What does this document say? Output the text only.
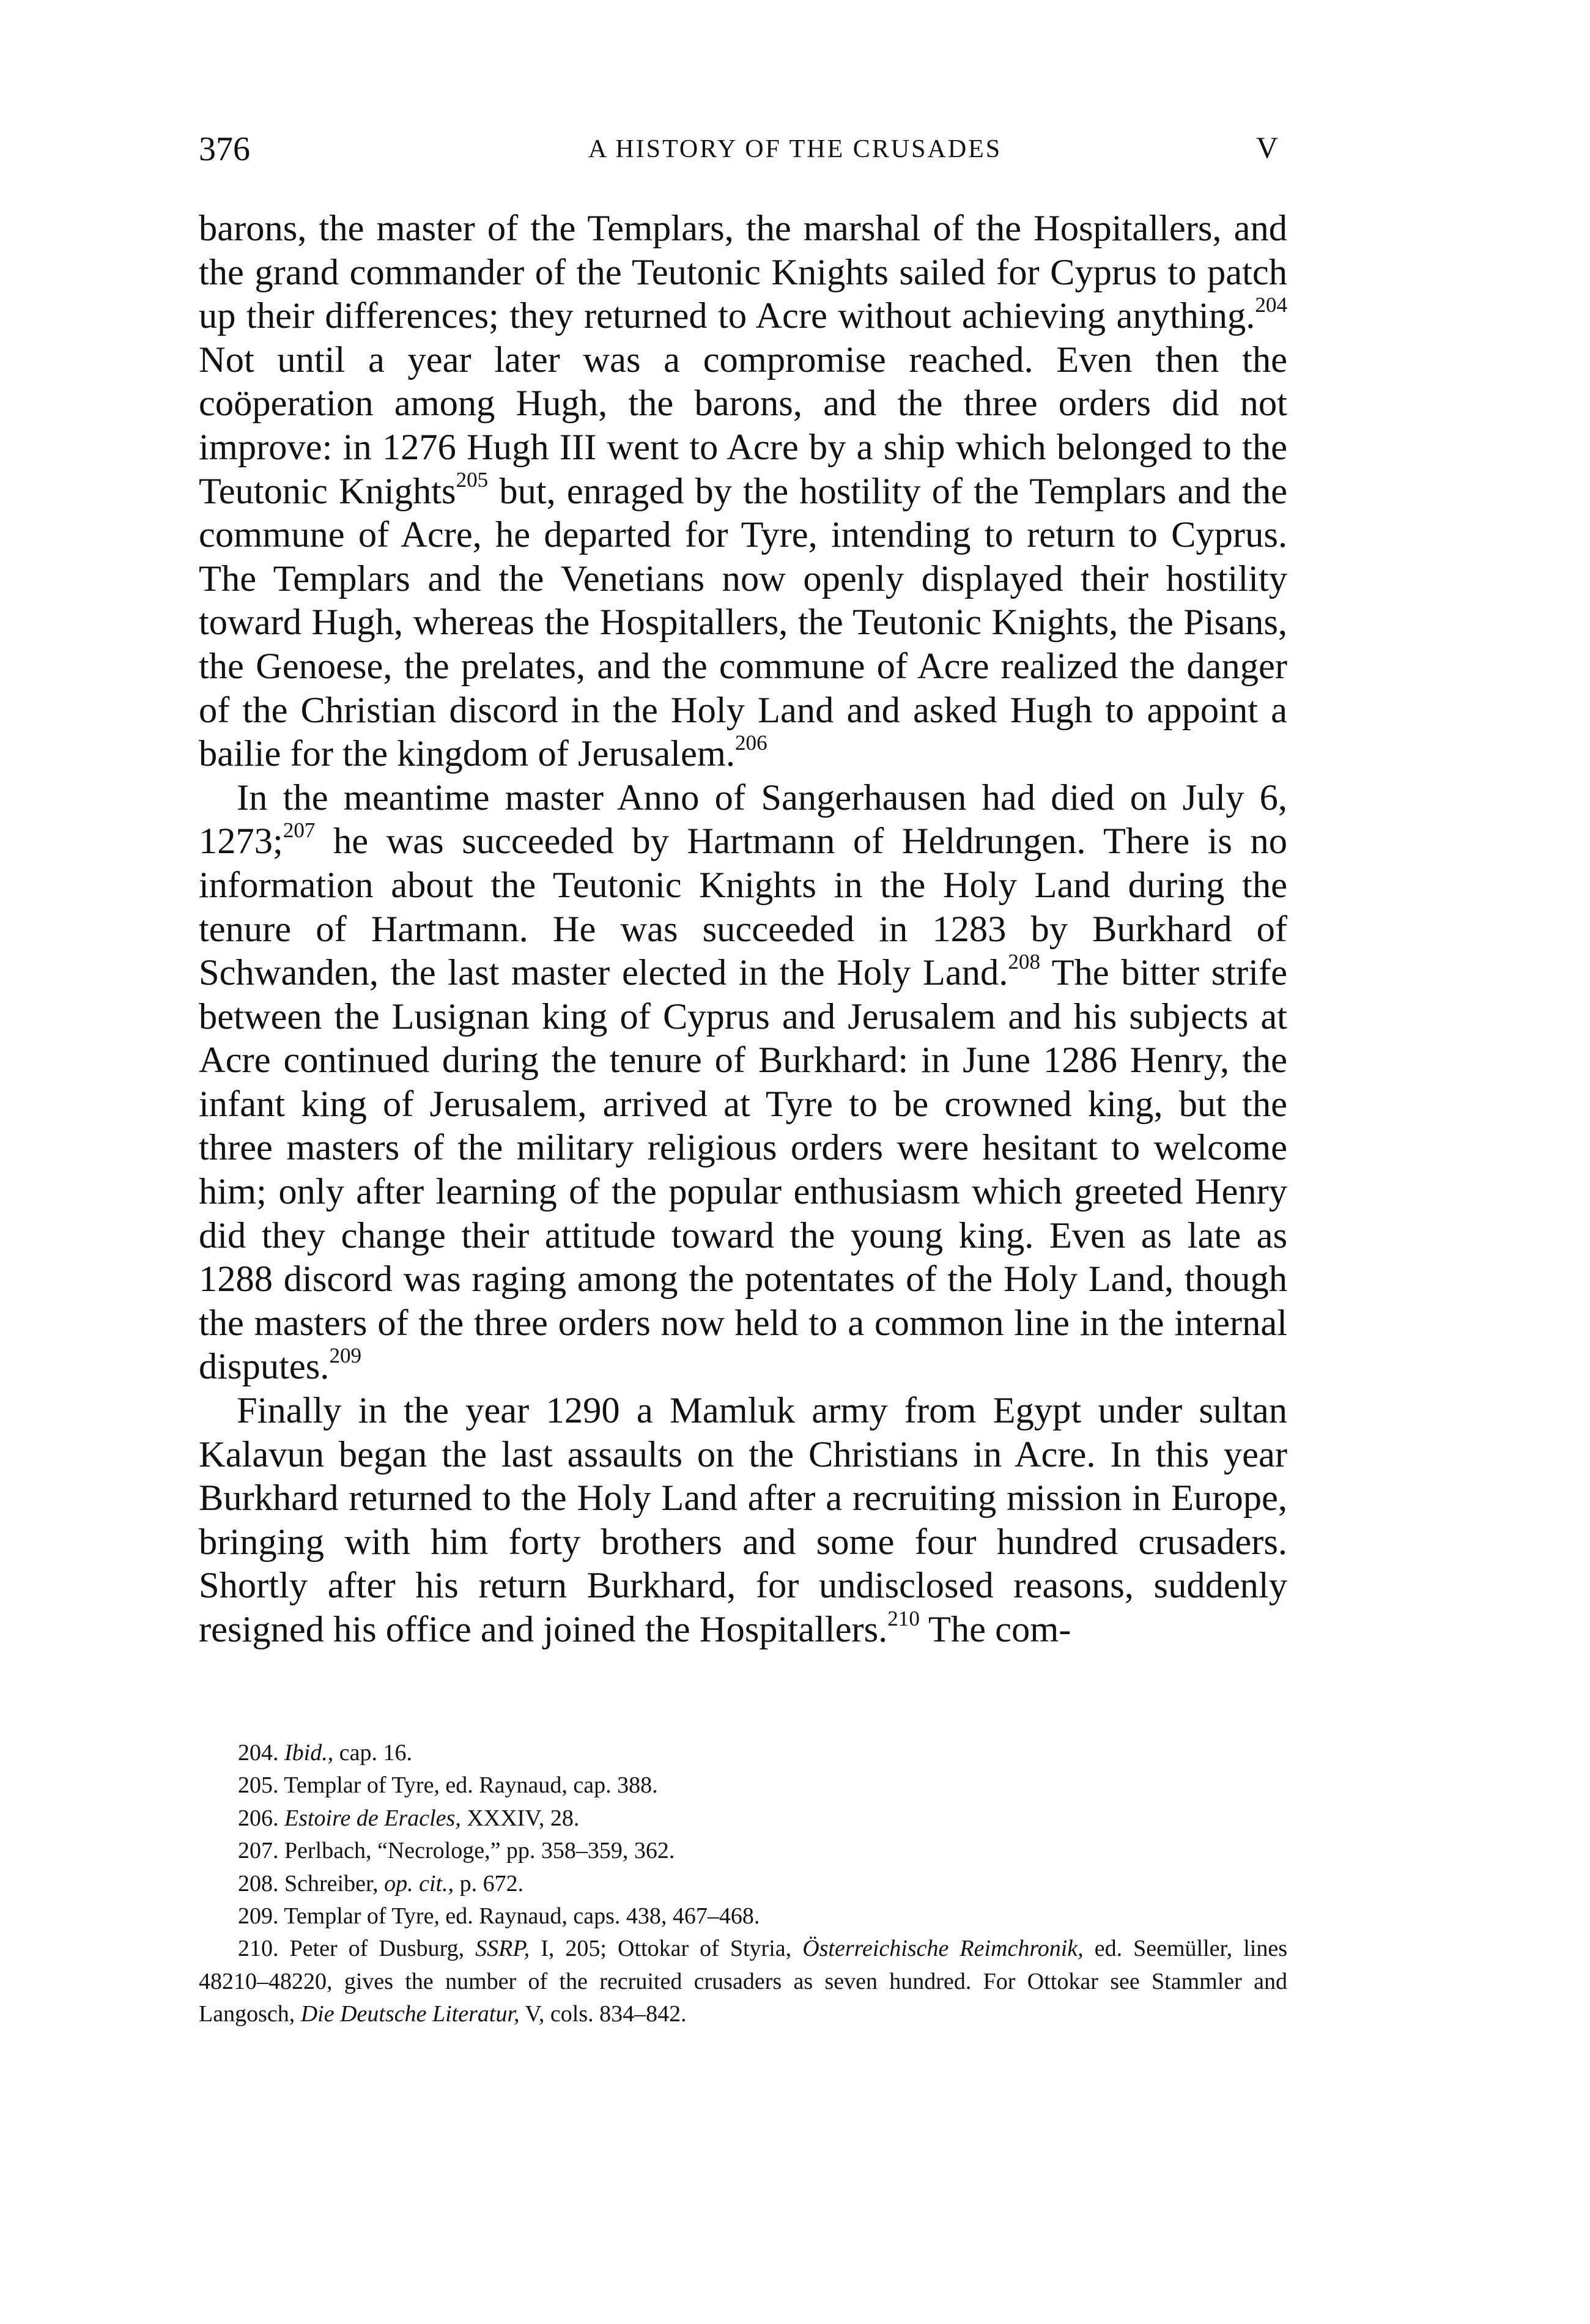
376	A HISTORY OF THE CRUSADES	V

barons, the master of the Templars, the marshal of the Hospitallers, and the grand commander of the Teutonic Knights sailed for Cyprus to patch up their differences; they returned to Acre without achieving anything.$^{204}$ Not until a year later was a compromise reached. Even then the coöperation among Hugh, the barons, and the three orders did not improve: in 1276 Hugh III went to Acre by a ship which belonged to the Teutonic Knights$^{205}$ but, enraged by the hostility of the Templars and the commune of Acre, he departed for Tyre, intending to return to Cyprus. The Templars and the Venetians now openly displayed their hostility toward Hugh, whereas the Hospitallers, the Teutonic Knights, the Pisans, the Genoese, the prelates, and the commune of Acre realized the danger of the Christian discord in the Holy Land and asked Hugh to appoint a bailie for the kingdom of Jerusalem.$^{206}$

In the meantime master Anno of Sangerhausen had died on July 6, 1273;$^{207}$ he was succeeded by Hartmann of Heldrungen. There is no information about the Teutonic Knights in the Holy Land during the tenure of Hartmann. He was succeeded in 1283 by Burkhard of Schwanden, the last master elected in the Holy Land.$^{208}$ The bitter strife between the Lusignan king of Cyprus and Jerusalem and his subjects at Acre continued during the tenure of Burkhard: in June 1286 Henry, the infant king of Jerusalem, arrived at Tyre to be crowned king, but the three masters of the military religious orders were hesitant to welcome him; only after learning of the popular enthusiasm which greeted Henry did they change their attitude toward the young king. Even as late as 1288 discord was raging among the potentates of the Holy Land, though the masters of the three orders now held to a common line in the internal disputes.$^{209}$

Finally in the year 1290 a Mamluk army from Egypt under sultan Kalavun began the last assaults on the Christians in Acre. In this year Burkhard returned to the Holy Land after a recruiting mission in Europe, bringing with him forty brothers and some four hundred crusaders. Shortly after his return Burkhard, for undisclosed reasons, suddenly resigned his office and joined the Hospitallers.$^{210}$ The com-

204. Ibid., cap. 16.

205. Templar of Tyre, ed. Raynaud, cap. 388.

206. Estoire de Eracles, XXXIV, 28.

207. Perlbach, “Necrologe,” pp. 358–359, 362.

208. Schreiber, op. cit., p. 672.

209. Templar of Tyre, ed. Raynaud, caps. 438, 467–468.

210. Peter of Dusburg, SSRP, I, 205; Ottokar of Styria, Österreichische Reimchronik, ed. Seemüller, lines 48210–48220, gives the number of the recruited crusaders as seven hundred. For Ottokar see Stammler and Langosch, Die Deutsche Literatur, V, cols. 834–842.
